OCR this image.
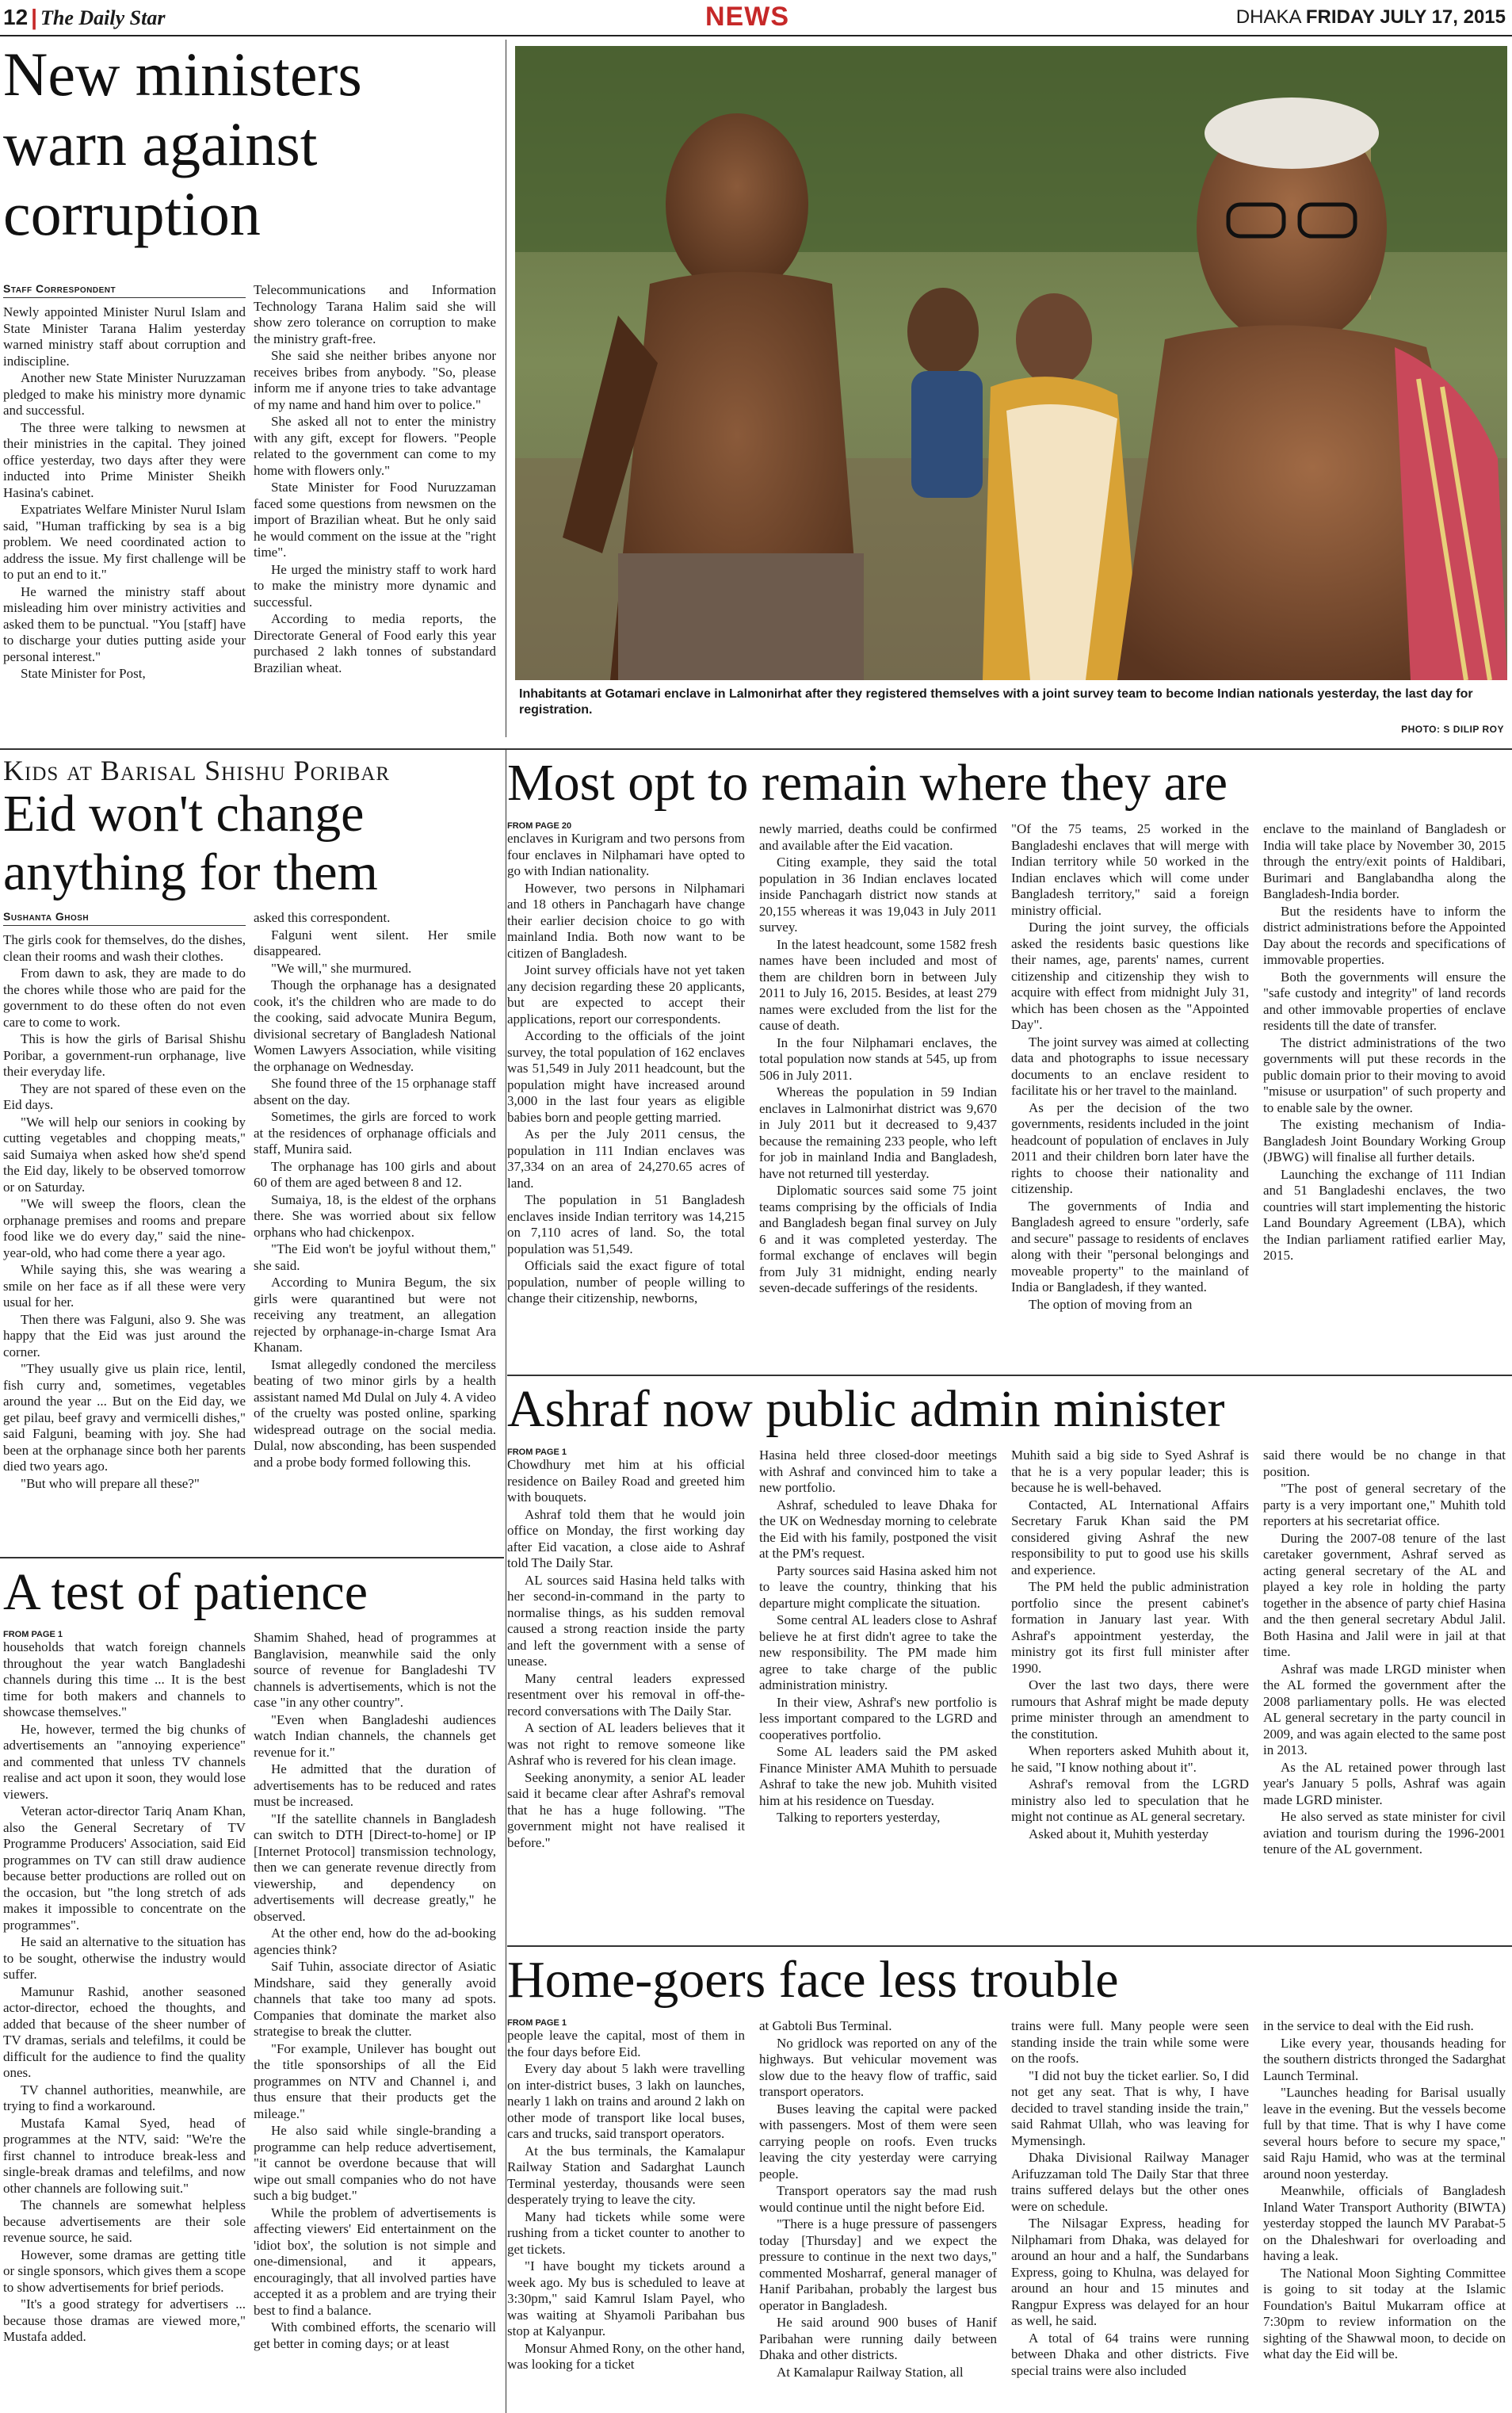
12 | The Daily Star	NEWS	DHAKA FRIDAY JULY 17, 2015
New ministers warn against corruption
Staff Correspondent

Newly appointed Minister Nurul Islam and State Minister Tarana Halim yesterday warned ministry staff about corruption and indiscipline.

Another new State Minister Nuruzzaman pledged to make his ministry more dynamic and successful.

The three were talking to newsmen at their ministries in the capital. They joined office yesterday, two days after they were inducted into Prime Minister Sheikh Hasina's cabinet.

Expatriates Welfare Minister Nurul Islam said, "Human trafficking by sea is a big problem. We need coordinated action to address the issue. My first challenge will be to put an end to it."

He warned the ministry staff about misleading him over ministry activities and asked them to be punctual. "You [staff] have to discharge your duties putting aside your personal interest."

State Minister for Post,

Telecommunications and Information Technology Tarana Halim said she will show zero tolerance on corruption to make the ministry graft-free.

She said she neither bribes anyone nor receives bribes from anybody. "So, please inform me if anyone tries to take advantage of my name and hand him over to police."

She asked all not to enter the ministry with any gift, except for flowers. "People related to the government can come to my home with flowers only."

State Minister for Food Nuruzzaman faced some questions from newsmen on the import of Brazilian wheat. But he only said he would comment on the issue at the "right time".

He urged the ministry staff to work hard to make the ministry more dynamic and successful.

According to media reports, the Directorate General of Food early this year purchased 2 lakh tonnes of substandard Brazilian wheat.

Inhabitants at Gotamari enclave in Lalmonirhat after they registered themselves with a joint survey team to become Indian nationals yesterday, the last day for registration.
PHOTO: S DILIP ROY
Kids at Barisal Shishu Poribar
Eid won't change anything for them
Sushanta Ghosh

The girls cook for themselves, do the dishes, clean their rooms and wash their clothes.

From dawn to ask, they are made to do the chores while those who are paid for the government to do these often do not even care to come to work.

This is how the girls of Barisal Shishu Poribar, a government-run orphanage, live their everyday life.

They are not spared of these even on the Eid days.

"We will help our seniors in cooking by cutting vegetables and chopping meats," said Sumaiya when asked how she'd spend the Eid day, likely to be observed tomorrow or on Saturday.

"We will sweep the floors, clean the orphanage premises and rooms and prepare food like we do every day," said the nine-year-old, who had come there a year ago.

While saying this, she was wearing a smile on her face as if all these were very usual for her.

Then there was Falguni, also 9. She was happy that the Eid was just around the corner.

"They usually give us plain rice, lentil, fish curry and, sometimes, vegetables around the year ... But on the Eid day, we get pilau, beef gravy and vermicelli dishes," said Falguni, beaming with joy. She had been at the orphanage since both her parents died two years ago.

"But who will prepare all these?"

asked this correspondent.

Falguni went silent. Her smile disappeared.

"We will," she murmured.

Though the orphanage has a designated cook, it's the children who are made to do the cooking, said advocate Munira Begum, divisional secretary of Bangladesh National Women Lawyers Association, while visiting the orphanage on Wednesday.

She found three of the 15 orphanage staff absent on the day.

Sometimes, the girls are forced to work at the residences of orphanage officials and staff, Munira said.

The orphanage has 100 girls and about 60 of them are aged between 8 and 12.

Sumaiya, 18, is the eldest of the orphans there. She was worried about six fellow orphans who had chickenpox.

"The Eid won't be joyful without them," she said.

According to Munira Begum, the six girls were quarantined but were not receiving any treatment, an allegation rejected by orphanage-in-charge Ismat Ara Khanam.

Ismat allegedly condoned the merciless beating of two minor girls by a health assistant named Md Dulal on July 4. A video of the cruelty was posted online, sparking widespread outrage on the social media. Dulal, now absconding, has been suspended and a probe body formed following this.

A test of patience
FROM PAGE 1

households that watch foreign channels throughout the year watch Bangladeshi channels during this time ... It is the best time for both makers and channels to showcase themselves."

He, however, termed the big chunks of advertisements an "annoying experience" and commented that unless TV channels realise and act upon it soon, they would lose viewers.

Veteran actor-director Tariq Anam Khan, also the General Secretary of TV Programme Producers' Association, said Eid programmes on TV can still draw audience because better productions are rolled out on the occasion, but "the long stretch of ads makes it impossible to concentrate on the programmes".

He said an alternative to the situation has to be sought, otherwise the industry would suffer.

Mamunur Rashid, another seasoned actor-director, echoed the thoughts, and added that because of the sheer number of TV dramas, serials and telefilms, it could be difficult for the audience to find the quality ones.

TV channel authorities, meanwhile, are trying to find a workaround.

Mustafa Kamal Syed, head of programmes at the NTV, said: "We're the first channel to introduce break-less and single-break dramas and telefilms, and now other channels are following suit."

The channels are somewhat helpless because advertisements are their sole revenue source, he said.

However, some dramas are getting title or single sponsors, which gives them a scope to show advertisements for brief periods.

"It's a good strategy for advertisers ... because those dramas are viewed more," Mustafa added.

Shamim Shahed, head of programmes at Banglavision, meanwhile said the only source of revenue for Bangladeshi TV channels is advertisements, which is not the case "in any other country".

"Even when Bangladeshi audiences watch Indian channels, the channels get revenue for it."

He admitted that the duration of advertisements has to be reduced and rates must be increased.

"If the satellite channels in Bangladesh can switch to DTH [Direct-to-home] or IP [Internet Protocol] transmission technology, then we can generate revenue directly from viewership, and dependency on advertisements will decrease greatly," he observed.

At the other end, how do the ad-booking agencies think?

Saif Tuhin, associate director of Asiatic Mindshare, said they generally avoid channels that take too many ad spots. Companies that dominate the market also strategise to break the clutter.

"For example, Unilever has bought out the title sponsorships of all the Eid programmes on NTV and Channel i, and thus ensure that their products get the mileage."

He also said while single-branding a programme can help reduce advertisement, "it cannot be overdone because that will wipe out small companies who do not have such a big budget."

While the problem of advertisements is affecting viewers' Eid entertainment on the 'idiot box', the solution is not simple and one-dimensional, and it appears, encouragingly, that all involved parties have accepted it as a problem and are trying their best to find a balance.

With combined efforts, the scenario will get better in coming days; or at least

Most opt to remain where they are
FROM PAGE 20

enclaves in Kurigram and two persons from four enclaves in Nilphamari have opted to go with Indian nationality.

However, two persons in Nilphamari and 18 others in Panchagarh have change their earlier decision choice to go with mainland India. Both now want to be citizen of Bangladesh.

Joint survey officials have not yet taken any decision regarding these 20 applicants, but are expected to accept their applications, report our correspondents.

According to the officials of the joint survey, the total population of 162 enclaves was 51,549 in July 2011 headcount, but the population might have increased around 3,000 in the last four years as eligible babies born and people getting married.

As per the July 2011 census, the population in 111 Indian enclaves was 37,334 on an area of 24,270.65 acres of land.

The population in 51 Bangladesh enclaves inside Indian territory was 14,215 on 7,110 acres of land. So, the total population was 51,549.

Officials said the exact figure of total population, number of people willing to change their citizenship, newborns,

newly married, deaths could be confirmed and available after the Eid vacation.

Citing example, they said the total population in 36 Indian enclaves located inside Panchagarh district now stands at 20,155 whereas it was 19,043 in July 2011 survey.

In the latest headcount, some 1582 fresh names have been included and most of them are children born in between July 2011 to July 16, 2015. Besides, at least 279 names were excluded from the list for the cause of death.

In the four Nilphamari enclaves, the total population now stands at 545, up from 506 in July 2011.

Whereas the population in 59 Indian enclaves in Lalmonirhat district was 9,670 in July 2011 but it decreased to 9,437 because the remaining 233 people, who left for job in mainland India and Bangladesh, have not returned till yesterday.

Diplomatic sources said some 75 joint teams comprising by the officials of India and Bangladesh began final survey on July 6 and it was completed yesterday. The formal exchange of enclaves will begin from July 31 midnight, ending nearly seven-decade sufferings of the residents.

"Of the 75 teams, 25 worked in the Bangladeshi enclaves that will merge with Indian territory while 50 worked in the Indian enclaves which will come under Bangladesh territory," said a foreign ministry official.

During the joint survey, the officials asked the residents basic questions like their names, age, parents' names, current citizenship and citizenship they wish to acquire with effect from midnight July 31, which has been chosen as the "Appointed Day".

The joint survey was aimed at collecting data and photographs to issue necessary documents to an enclave resident to facilitate his or her travel to the mainland.

As per the decision of the two governments, residents included in the joint headcount of population of enclaves in July 2011 and their children born later have the rights to choose their nationality and citizenship.

The governments of India and Bangladesh agreed to ensure "orderly, safe and secure" passage to residents of enclaves along with their "personal belongings and moveable property" to the mainland of India or Bangladesh, if they wanted.

The option of moving from an

enclave to the mainland of Bangladesh or India will take place by November 30, 2015 through the entry/exit points of Haldibari, Burimari and Banglabandha along the Bangladesh-India border.

But the residents have to inform the district administrations before the Appointed Day about the records and specifications of immovable properties.

Both the governments will ensure the "safe custody and integrity" of land records and other immovable properties of enclave residents till the date of transfer.

The district administrations of the two governments will put these records in the public domain prior to their moving to avoid "misuse or usurpation" of such property and to enable sale by the owner.

The existing mechanism of India-Bangladesh Joint Boundary Working Group (JBWG) will finalise all further details.

Launching the exchange of 111 Indian and 51 Bangladeshi enclaves, the two countries will start implementing the historic Land Boundary Agreement (LBA), which the Indian parliament ratified earlier May, 2015.

Ashraf now public admin minister
FROM PAGE 1

Chowdhury met him at his official residence on Bailey Road and greeted him with bouquets.

Ashraf told them that he would join office on Monday, the first working day after Eid vacation, a close aide to Ashraf told The Daily Star.

AL sources said Hasina held talks with her second-in-command in the party to normalise things, as his sudden removal caused a strong reaction inside the party and left the government with a sense of unease.

Many central leaders expressed resentment over his removal in off-the-record conversations with The Daily Star.

A section of AL leaders believes that it was not right to remove someone like Ashraf who is revered for his clean image.

Seeking anonymity, a senior AL leader said it became clear after Ashraf's removal that he has a huge following. "The government might not have realised it before."

Hasina held three closed-door meetings with Ashraf and convinced him to take a new portfolio.

Ashraf, scheduled to leave Dhaka for the UK on Wednesday morning to celebrate the Eid with his family, postponed the visit at the PM's request.

Party sources said Hasina asked him not to leave the country, thinking that his departure might complicate the situation.

Some central AL leaders close to Ashraf believe he at first didn't agree to take the new responsibility. The PM made him agree to take charge of the public administration ministry.

In their view, Ashraf's new portfolio is less important compared to the LGRD and cooperatives portfolio.

Some AL leaders said the PM asked Finance Minister AMA Muhith to persuade Ashraf to take the new job. Muhith visited him at his residence on Tuesday.

Talking to reporters yesterday,

Muhith said a big side to Syed Ashraf is that he is a very popular leader; this is because he is well-behaved.

Contacted, AL International Affairs Secretary Faruk Khan said the PM considered giving Ashraf the new responsibility to put to good use his skills and experience.

The PM held the public administration portfolio since the present cabinet's formation in January last year. With Ashraf's appointment yesterday, the ministry got its first full minister after 1990.

Over the last two days, there were rumours that Ashraf might be made deputy prime minister through an amendment to the constitution.

When reporters asked Muhith about it, he said, "I know nothing about it".

Ashraf's removal from the LGRD ministry also led to speculation that he might not continue as AL general secretary.

Asked about it, Muhith yesterday

said there would be no change in that position.

"The post of general secretary of the party is a very important one," Muhith told reporters at his secretariat office.

During the 2007-08 tenure of the last caretaker government, Ashraf served as acting general secretary of the AL and played a key role in holding the party together in the absence of party chief Hasina and the then general secretary Abdul Jalil. Both Hasina and Jalil were in jail at that time.

Ashraf was made LRGD minister when the AL formed the government after the 2008 parliamentary polls. He was elected AL general secretary in the party council in 2009, and was again elected to the same post in 2013.

As the AL retained power through last year's January 5 polls, Ashraf was again made LGRD minister.

He also served as state minister for civil aviation and tourism during the 1996-2001 tenure of the AL government.

Home-goers face less trouble
FROM PAGE 1

people leave the capital, most of them in the four days before Eid.

Every day about 5 lakh were travelling on inter-district buses, 3 lakh on launches, nearly 1 lakh on trains and around 2 lakh on other mode of transport like local buses, cars and trucks, said transport operators.

At the bus terminals, the Kamalapur Railway Station and Sadarghat Launch Terminal yesterday, thousands were seen desperately trying to leave the city.

Many had tickets while some were rushing from a ticket counter to another to get tickets.

"I have bought my tickets around a week ago. My bus is scheduled to leave at 3:30pm," said Kamrul Islam Payel, who was waiting at Shyamoli Paribahan bus stop at Kalyanpur.

Monsur Ahmed Rony, on the other hand, was looking for a ticket

at Gabtoli Bus Terminal.

No gridlock was reported on any of the highways. But vehicular movement was slow due to the heavy flow of traffic, said transport operators.

Buses leaving the capital were packed with passengers. Most of them were seen carrying people on roofs. Even trucks leaving the city yesterday were carrying people.

Transport operators say the mad rush would continue until the night before Eid.

"There is a huge pressure of passengers today [Thursday] and we expect the pressure to continue in the next two days," commented Mosharraf, general manager of Hanif Paribahan, probably the largest bus operator in Bangladesh.

He said around 900 buses of Hanif Paribahan were running daily between Dhaka and other districts.

At Kamalapur Railway Station, all

trains were full. Many people were seen standing inside the train while some were on the roofs.

"I did not buy the ticket earlier. So, I did not get any seat. That is why, I have decided to travel standing inside the train," said Rahmat Ullah, who was leaving for Mymensingh.

Dhaka Divisional Railway Manager Arifuzzaman told The Daily Star that three trains suffered delays but the other ones were on schedule.

The Nilsagar Express, heading for Nilphamari from Dhaka, was delayed for around an hour and a half, the Sundarbans Express, going to Khulna, was delayed for around an hour and 15 minutes and Rangpur Express was delayed for an hour as well, he said.

A total of 64 trains were running between Dhaka and other districts. Five special trains were also included

in the service to deal with the Eid rush.

Like every year, thousands heading for the southern districts thronged the Sadarghat Launch Terminal.

"Launches heading for Barisal usually leave in the evening. But the vessels become full by that time. That is why I have come several hours before to secure my space," said Raju Hamid, who was at the terminal around noon yesterday.

Meanwhile, officials of Bangladesh Inland Water Transport Authority (BIWTA) yesterday stopped the launch MV Parabat-5 on the Dhaleshwari for overloading and having a leak.

The National Moon Sighting Committee is going to sit today at the Islamic Foundation's Baitul Mukarram office at 7:30pm to review information on the sighting of the Shawwal moon, to decide on what day the Eid will be.
